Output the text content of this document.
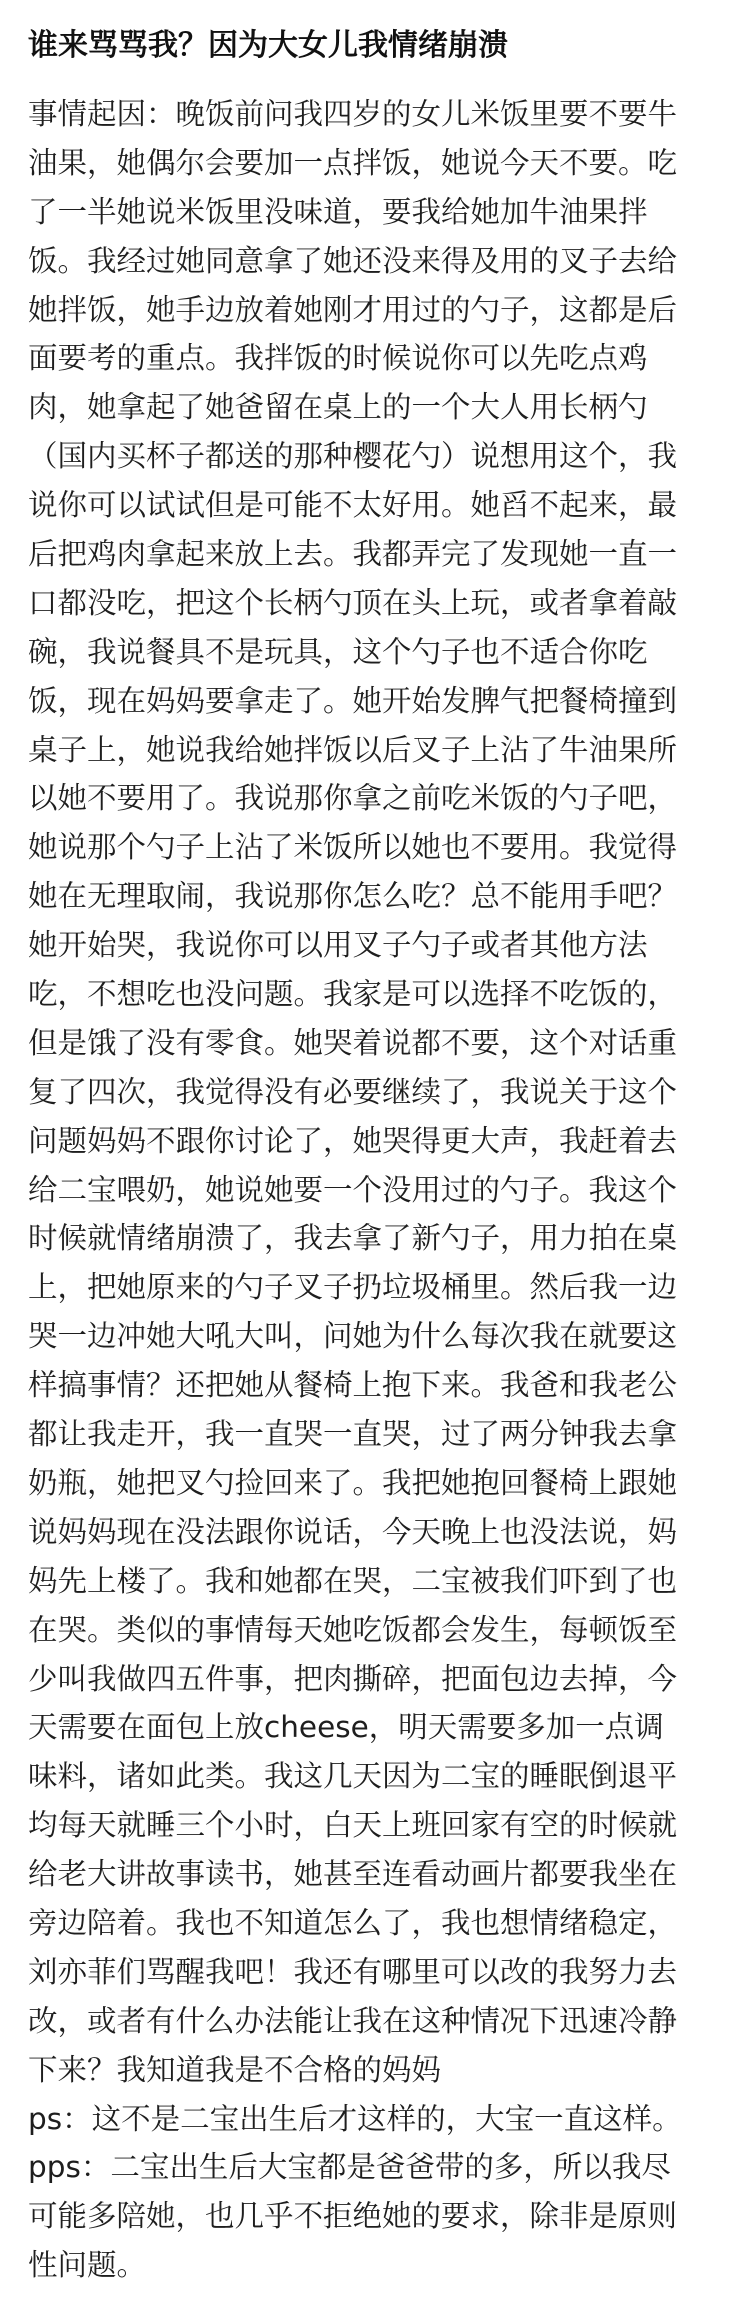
谁来骂骂我？因为大女儿我情绪崩溃

事情起因：晚饭前问我四岁的女儿米饭里要不要牛
油果，她偶尔会要加一点拌饭，她说今天不要。吃
了一半她说米饭里没味道，要我给她加牛油果拌
饭。我经过她同意拿了她还没来得及用的叉子去给
她拌饭，她手边放着她刚才用过的勺子，这都是后
面要考的重点。我拌饭的时候说你可以先吃点鸡
肉，她拿起了她爸留在桌上的一个大人用长柄勺
（国内买杯子都送的那种樱花勺）说想用这个，我
说你可以试试但是可能不太好用。她舀不起来，最
后把鸡肉拿起来放上去。我都弄完了发现她一直一
口都没吃，把这个长柄勺顶在头上玩，或者拿着敲
碗，我说餐具不是玩具，这个勺子也不适合你吃
饭，现在妈妈要拿走了。她开始发脾气把餐椅撞到
桌子上，她说我给她拌饭以后叉子上沾了牛油果所
以她不要用了。我说那你拿之前吃米饭的勺子吧，
她说那个勺子上沾了米饭所以她也不要用。我觉得
她在无理取闹，我说那你怎么吃？总不能用手吧？
她开始哭，我说你可以用叉子勺子或者其他方法
吃，不想吃也没问题。我家是可以选择不吃饭的，
但是饿了没有零食。她哭着说都不要，这个对话重
复了四次，我觉得没有必要继续了，我说关于这个
问题妈妈不跟你讨论了，她哭得更大声，我赶着去
给二宝喂奶，她说她要一个没用过的勺子。我这个
时候就情绪崩溃了，我去拿了新勺子，用力拍在桌
上，把她原来的勺子叉子扔垃圾桶里。然后我一边
哭一边冲她大吼大叫，问她为什么每次我在就要这
样搞事情？还把她从餐椅上抱下来。我爸和我老公
都让我走开，我一直哭一直哭，过了两分钟我去拿
奶瓶，她把叉勺捡回来了。我把她抱回餐椅上跟她
说妈妈现在没法跟你说话，今天晚上也没法说，妈
妈先上楼了。我和她都在哭，二宝被我们吓到了也
在哭。类似的事情每天她吃饭都会发生，每顿饭至
少叫我做四五件事，把肉撕碎，把面包边去掉，今
天需要在面包上放cheese，明天需要多加一点调
味料，诸如此类。我这几天因为二宝的睡眠倒退平
均每天就睡三个小时，白天上班回家有空的时候就
给老大讲故事读书，她甚至连看动画片都要我坐在
旁边陪着。我也不知道怎么了，我也想情绪稳定，
刘亦菲们骂醒我吧！我还有哪里可以改的我努力去
改，或者有什么办法能让我在这种情况下迅速冷静
下来？我知道我是不合格的妈妈

ps：这不是二宝出生后才这样的，大宝一直这样。
pps：二宝出生后大宝都是爸爸带的多，所以我尽
可能多陪她，也几乎不拒绝她的要求，除非是原则
性问题。
